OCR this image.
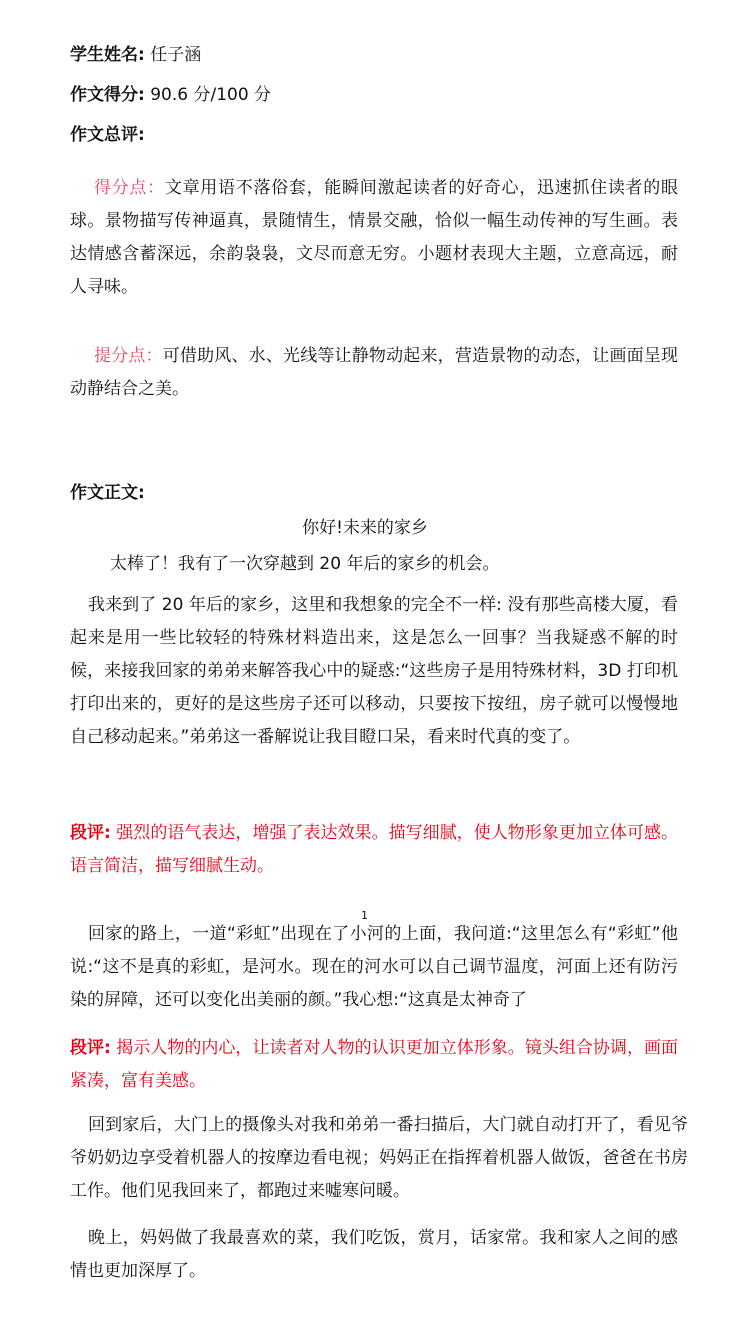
学生姓名: 任子涵
作文得分: 90.6 分/100 分
作文总评:
得分点：文章用语不落俗套，能瞬间激起读者的好奇心，迅速抓住读者的眼球。景物描写传神逼真，景随情生，情景交融，恰似一幅生动传神的写生画。表达情感含蓄深远，余韵袅袅，文尽而意无穷。小题材表现大主题，立意高远，耐人寻味。
提分点：可借助风、水、光线等让静物动起来，营造景物的动态，让画面呈现动静结合之美。
作文正文:
你好!未来的家乡
太棒了！我有了一次穿越到 20 年后的家乡的机会。
我来到了 20 年后的家乡，这里和我想象的完全不一样: 没有那些高楼大厦，看起来是用一些比较轻的特殊材料造出来，这是怎么一回事？当我疑惑不解的时候，来接我回家的弟弟来解答我心中的疑惑:“这些房子是用特殊材料，3D 打印机打印出来的，更好的是这些房子还可以移动，只要按下按纽，房子就可以慢慢地自己移动起来。”弟弟这一番解说让我目瞪口呆，看来时代真的变了。
段评: 强烈的语气表达，增强了表达效果。描写细腻，使人物形象更加立体可感。语言简洁，描写细腻生动。
1
回家的路上，一道“彩虹”出现在了小河的上面，我问道:“这里怎么有“彩虹”他说:“这不是真的彩虹，是河水。现在的河水可以自己调节温度，河面上还有防污染的屏障，还可以变化出美丽的颜。”我心想:“这真是太神奇了
段评: 揭示人物的内心，让读者对人物的认识更加立体形象。镜头组合协调，画面紧凑，富有美感。
回到家后，大门上的摄像头对我和弟弟一番扫描后，大门就自动打开了，看见爷爷奶奶边享受着机器人的按摩边看电视；妈妈正在指挥着机器人做饭，爸爸在书房工作。他们见我回来了，都跑过来嘘寒问暖。
晚上，妈妈做了我最喜欢的菜，我们吃饭，赏月，话家常。我和家人之间的感情也更加深厚了。
